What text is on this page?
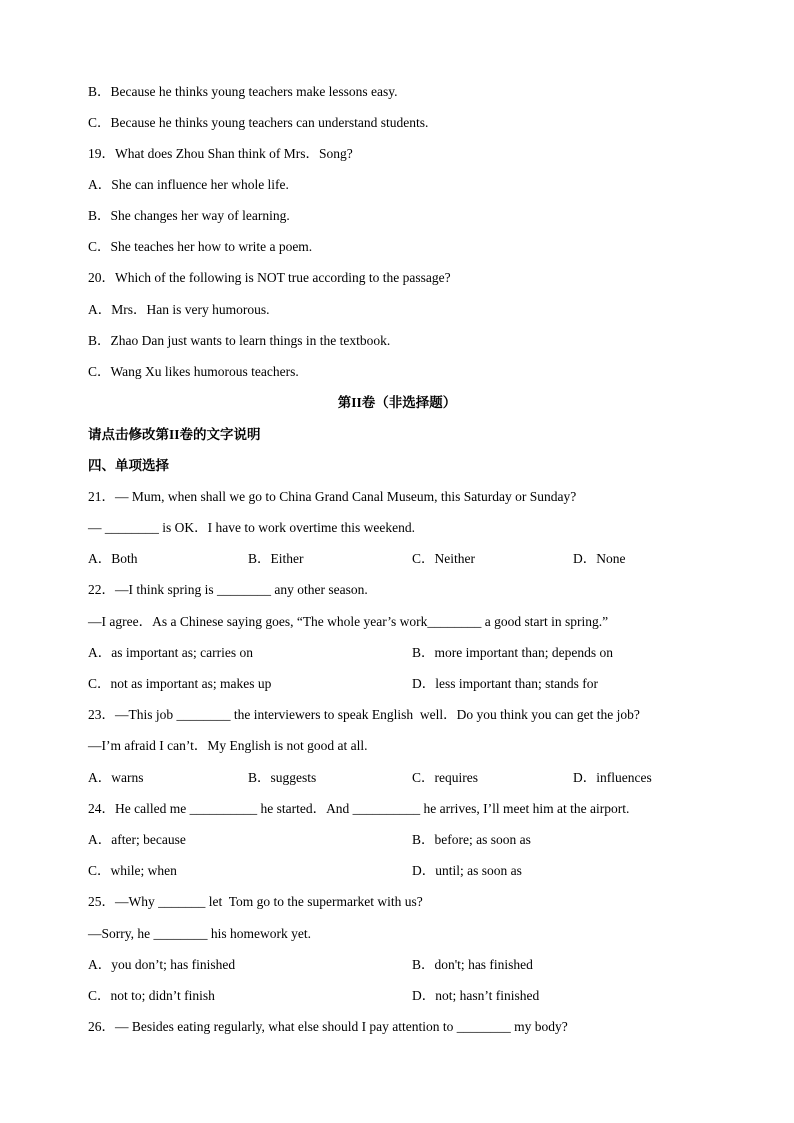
B．Because he thinks young teachers make lessons easy.
C．Because he thinks young teachers can understand students.
19．What does Zhou Shan think of Mrs．Song?
A．She can influence her whole life.
B．She changes her way of learning.
C．She teaches her how to write a poem.
20．Which of the following is NOT true according to the passage?
A．Mrs．Han is very humorous.
B．Zhao Dan just wants to learn things in the textbook.
C．Wang Xu likes humorous teachers.
第II卷（非选择题）
请点击修改第II卷的文字说明
四、单项选择
21．— Mum, when shall we go to China Grand Canal Museum, this Saturday or Sunday?
— ________ is OK．I have to work overtime this weekend.
A．Both	B．Either	C．Neither	D．None
22．—I think spring is ________ any other season.
—I agree．As a Chinese saying goes, “The whole year’s work________ a good start in spring.”
A．as important as; carries on	B．more important than; depends on
C．not as important as; makes up	D．less important than; stands for
23．—This job ________ the interviewers to speak English  well．Do you think you can get the job?
—I’m afraid I can’t．My English is not good at all.
A．warns	B．suggests	C．requires	D．influences
24．He called me __________ he started．And __________ he arrives, I’ll meet him at the airport.
A．after; because	B．before; as soon as
C．while; when	D．until; as soon as
25．—Why _______ let  Tom go to the supermarket with us?
—Sorry, he ________ his homework yet.
A．you don’t; has finished	B．don't; has finished
C．not to; didn’t finish	D．not; hasn’t finished
26．— Besides eating regularly, what else should I pay attention to ________ my body?
